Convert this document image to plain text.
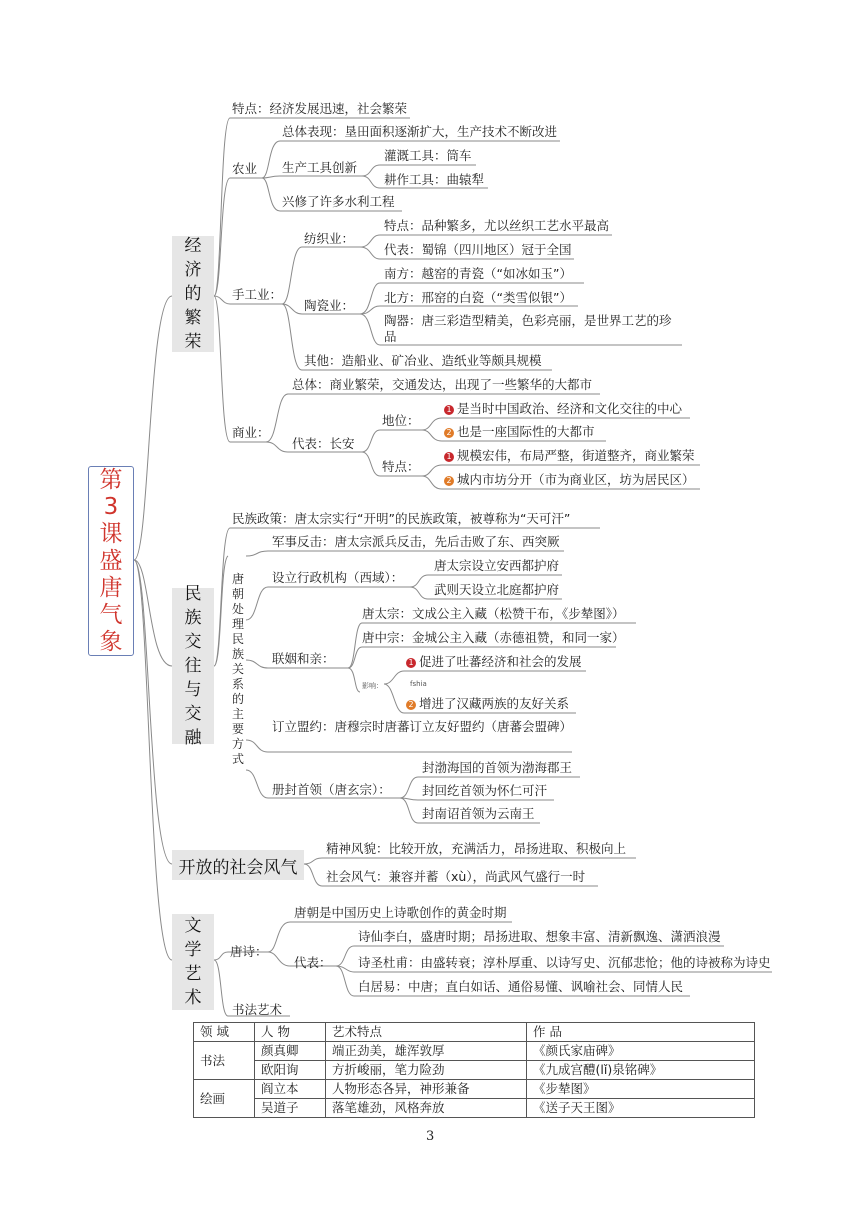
第3课盛唐气象
经济的繁荣
民族交往与交融
开放的社会风气
文学艺术
特点：经济发展迅速，社会繁荣
农业
总体表现：垦田面积逐渐扩大，生产技术不断改进
生产工具创新
灌溉工具：筒车
耕作工具：曲辕犁
兴修了许多水利工程
手工业：
纺织业：
特点：品种繁多，尤以丝织工艺水平最高
代表：蜀锦（四川地区）冠于全国
陶瓷业：
南方：越窑的青瓷（“如冰如玉”）
北方：邢窑的白瓷（“类雪似银”）
陶器：唐三彩造型精美，色彩亮丽，是世界工艺的珍品
其他：造船业、矿冶业、造纸业等颇具规模
商业：
总体：商业繁荣，交通发达，出现了一些繁华的大都市
代表：长安
地位：
1 是当时中国政治、经济和文化交往的中心
2 也是一座国际性的大都市
特点：
1 规模宏伟，布局严整，街道整齐，商业繁荣
2 城内市坊分开（市为商业区，坊为居民区）
民族政策：唐太宗实行“开明”的民族政策，被尊称为“天可汗”
唐朝处理民族关系的主要方式
军事反击：唐太宗派兵反击，先后击败了东、西突厥
设立行政机构（西域）：
唐太宗设立安西都护府
武则天设立北庭都护府
联姻和亲：
唐太宗：文成公主入藏（松赞干布，《步辇图》）
唐中宗：金城公主入藏（赤德祖赞，和同一家）
影响：	fshia
1 促进了吐蕃经济和社会的发展
2 增进了汉藏两族的友好关系
订立盟约：唐穆宗时唐蕃订立友好盟约（唐蕃会盟碑）
册封首领（唐玄宗）：
封渤海国的首领为渤海郡王
封回纥首领为怀仁可汗
封南诏首领为云南王
精神风貌：比较开放，充满活力，昂扬进取、积极向上
社会风气：兼容并蓄（xù），尚武风气盛行一时
唐诗：
唐朝是中国历史上诗歌创作的黄金时期
代表：
诗仙李白，盛唐时期；昂扬进取、想象丰富、清新飘逸、潇洒浪漫
诗圣杜甫：由盛转衰；淳朴厚重、以诗写史、沉郁悲怆；他的诗被称为诗史
白居易：中唐；直白如话、通俗易懂、讽喻社会、同情人民
书法艺术
领 域	人 物	艺术特点	作 品
书法	颜真卿	端正劲美，雄浑敦厚	《颜氏家庙碑》
	欧阳询	方折峻丽，笔力险劲	《九成宫醴(lǐ)泉铭碑》
绘画	阎立本	人物形态各异，神形兼备	《步辇图》
	吴道子	落笔雄劲，风格奔放	《送子天王图》
3
